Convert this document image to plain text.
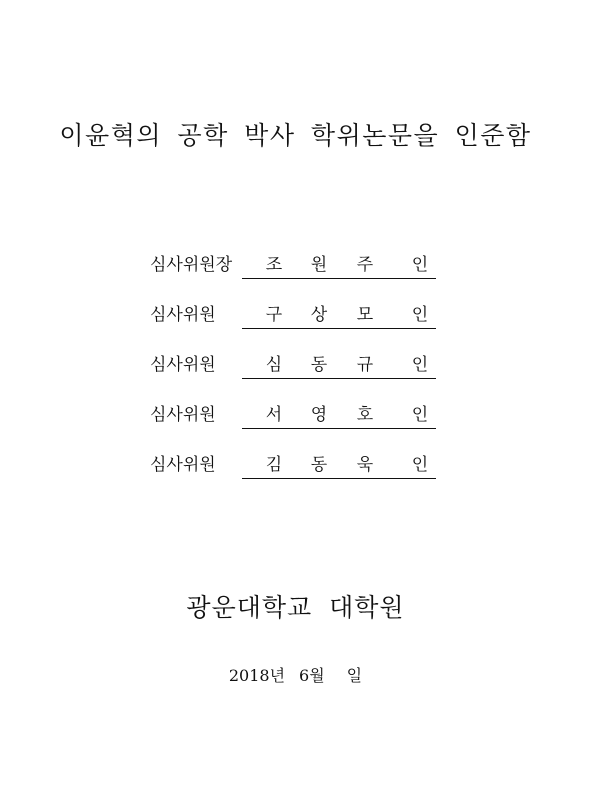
이윤혁의 공학 박사 학위논문을 인준함
심사위원장 조 원 주 인
심사위원	구 상 모 인
심사위원	심 동 규 인
심사위원	서 영 호 인
심사위원	김 동 욱 인
광운대학교 대학원
2018년 6월 일
